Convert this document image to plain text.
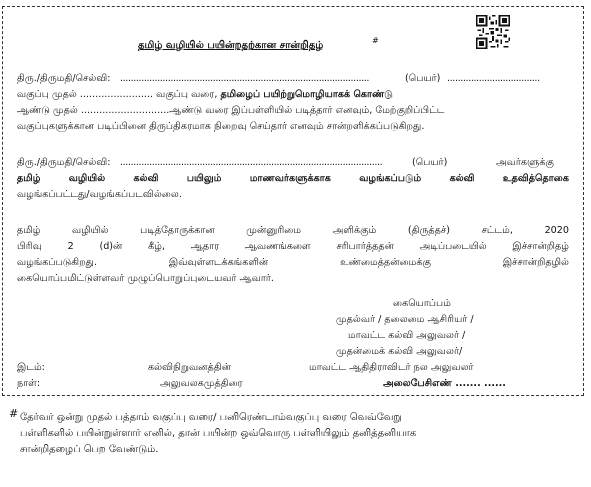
தமிழ் வழியில் பயின்றதற்கான சான்றிதழ்	#
திரு./திருமதி/செல்வி: ..............................................................................................	(பெயர்) ...................................
வகுப்பு முதல் ........................ வகுப்பு வரை, தமிழைப் பயிற்றுமொழியாகக் கொண்டு
ஆண்டு முதல் .............................ஆண்டு வரை இப்பள்ளியில் படித்தார் எனவும், மேற்குறிப்பிட்ட
வகுப்புகளுக்கான படிப்பினை திருப்திகரமாக நிறைவு செய்தார் எனவும் சான்றளிக்கப்படுகிறது.
திரு./திருமதி/செல்வி: ...................................................................................................	(பெயர்)	அவர்களுக்கு
தமிழ் வழியில் கல்வி பயிலும் மாணவர்களுக்காக வழங்கப்படும் கல்வி உதவித்தொகை
வழங்கப்பட்டது/வழங்கப்படவில்லை.
தமிழ் வழியில் படித்தோருக்கான முன்னுரிமை அளிக்கும் (திருத்தச்) சட்டம், 2020
பிரிவு 2 (d)ன் கீழ், ஆதார ஆவணங்களை சரிபார்த்ததன் அடிப்படையில் இச்சான்றிதழ்
வழங்கப்படுகிறது. இவ்வுள்ளடக்கங்களின் உண்மைத்தன்மைக்கு இச்சான்றிதழில்
கையொப்பமிட்டுள்ளவர் முழுப்பொறுப்புடையவர் ஆவார்.
கையொப்பம்
முதல்வர் / தலைமை ஆசிரியர் /
மாவட்ட கல்வி அலுவலர் /
முதன்மைக் கல்வி அலுவலர்/
இடம்:	கல்விநிறுவனத்தின்	மாவட்ட ஆதிதிராவிடர் நல அலுவலர்
நாள்:	அலுவலகமுத்திரை	அலைபேசிஎண் ....... ......
# தேர்வர் ஒன்று முதல் பத்தாம் வகுப்பு வரை/ பனிரெண்டாம்வகுப்பு வரை வெவ்வேறு
பள்ளிகளில் பயின்றுள்ளார் எனில், தான் பயின்ற ஒவ்வொரு பள்ளியிலும் தனித்தனியாக
சான்றிதழைப் பெற வேண்டும்.
